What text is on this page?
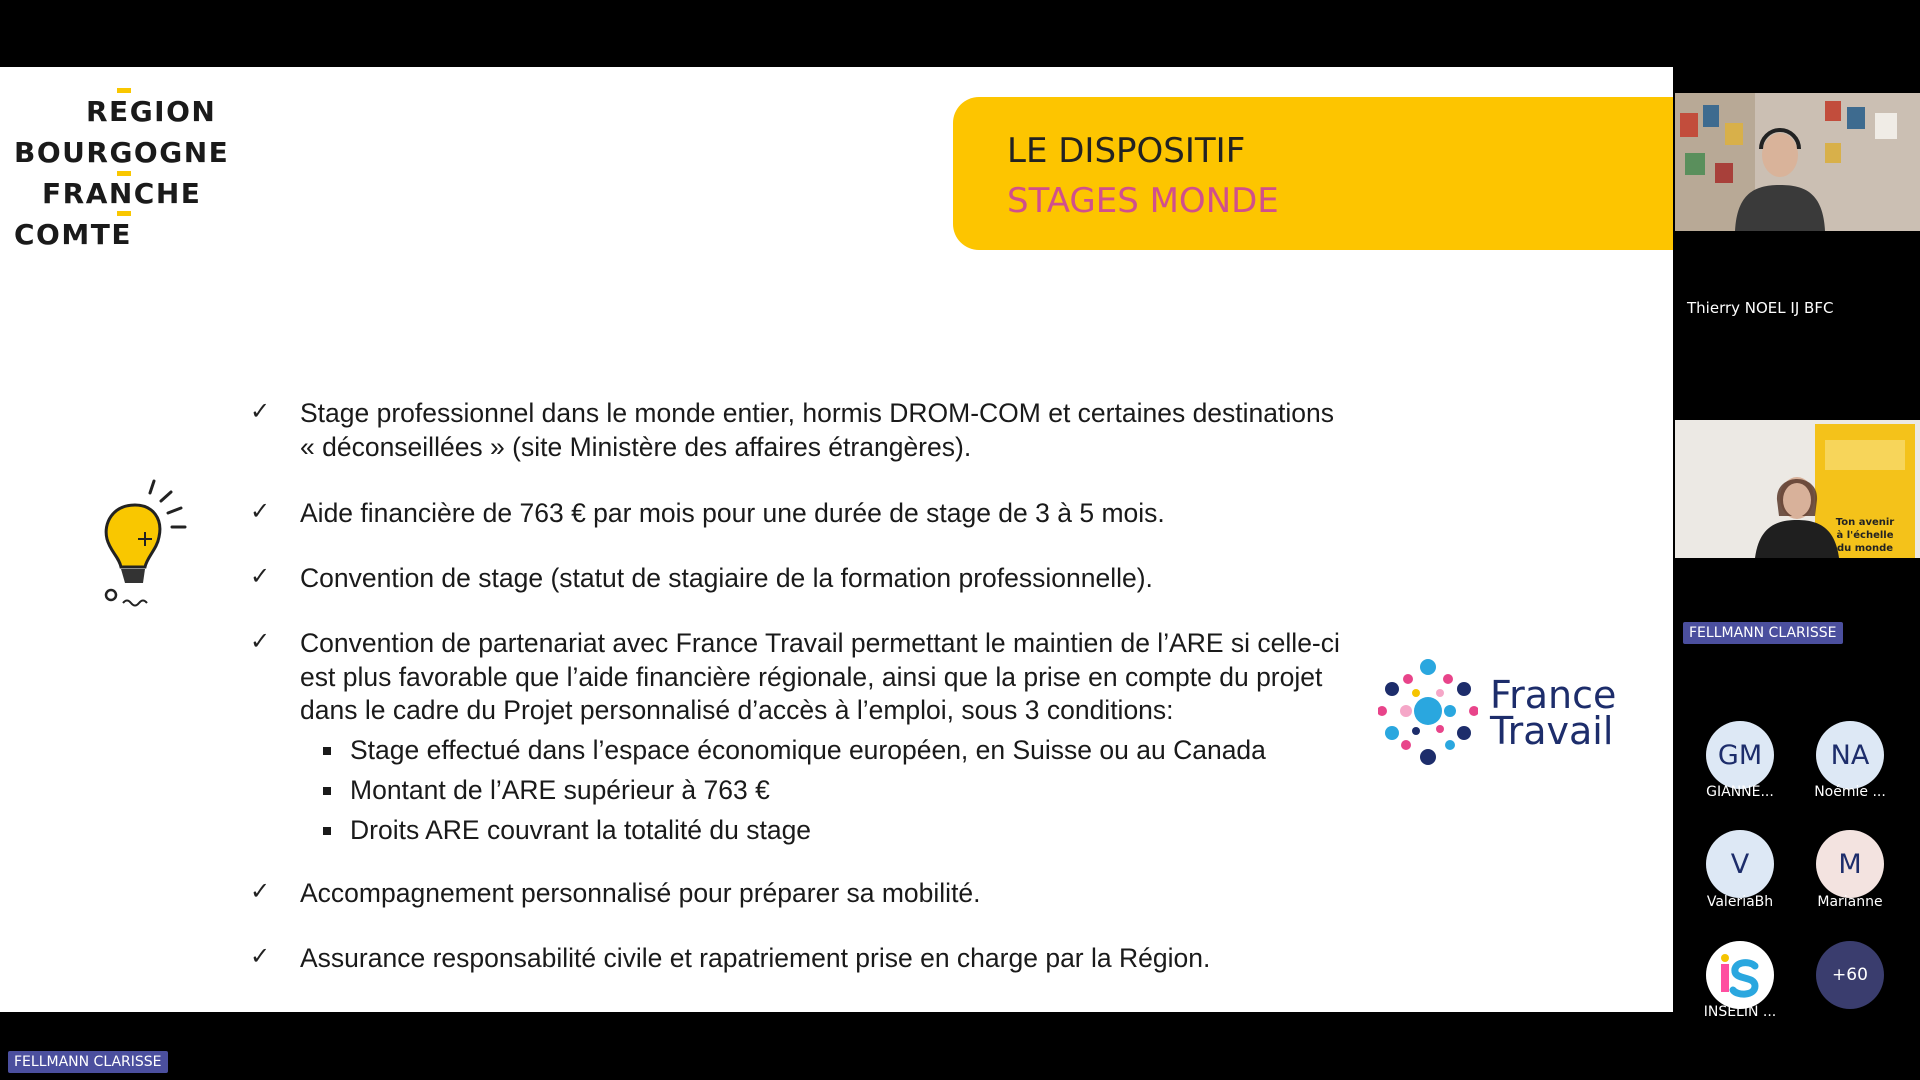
REGION
BOURGOGNE
FRANCHE
COMTE
LE DISPOSITIF
STAGES MONDE
✓ Stage professionnel dans le monde entier, hormis DROM-COM et certaines destinations
« déconseillées » (site Ministère des affaires étrangères).
✓ Aide financière de 763 € par mois pour une durée de stage de 3 à 5 mois.
✓ Convention de stage (statut de stagiaire de la formation professionnelle).
✓ Convention de partenariat avec France Travail permettant le maintien de l’ARE si celle-ci
est plus favorable que l’aide financière régionale, ainsi que la prise en compte du projet
dans le cadre du Projet personnalisé d’accès à l’emploi, sous 3 conditions:
Stage effectué dans l’espace économique européen, en Suisse ou au Canada
Montant de l’ARE supérieur à 763 €
Droits ARE couvrant la totalité du stage
✓ Accompagnement personnalisé pour préparer sa mobilité.
✓ Assurance responsabilité civile et rapatriement prise en charge par la Région.
France
Travail
Thierry NOEL IJ BFC
Ton avenir
à l'échelle
du monde
FELLMANN CLARISSE
GM
GIANNE...
NA
Noémie ...
V
ValeriaBh
M
Marianne
INSELIN ...
+60
FELLMANN CLARISSE
